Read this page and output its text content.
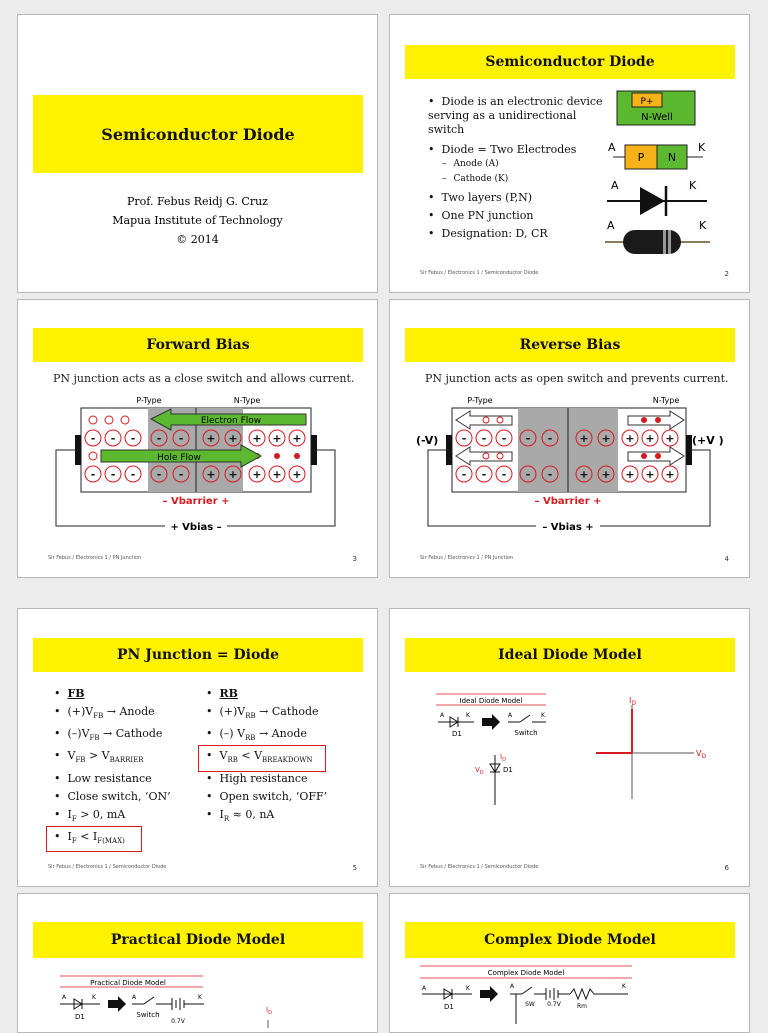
Semiconductor Diode
Prof. Febus Reidj G. Cruz
Mapua Institute of Technology
© 2014
Semiconductor Diode
• Diode is an electronic device serving as a unidirectional switch
• Diode = Two Electrodes
– Anode (A)
– Cathode (K)
• Two layers (P,N)
• One PN junction
• Designation: D, CR
P+
N-Well
A	K
P N
A	K
A	K
Sir Febus / Electronics 1 / Semiconductor Diode	2
Forward Bias
PN junction acts as a close switch and allows current.
P-Type	N-Type
- - - - -
- - - - -
+ + + + +
+ + + + +
Electron Flow
Hole Flow
– Vbarrier +
+ Vbias –
Sir Febus / Electronics 1 / PN Junction	3
Reverse Bias
PN junction acts as open switch and prevents current.
P-Type	N-Type
(-V)	(+V )
- - - - -
- - - - -
+ + + + +
+ + + + +
– Vbarrier +
– Vbias +
Sir Febus / Electronics 1 / PN Junction	4
PN Junction = Diode
• FB
• $(+)V_{FB}$ → Anode
• $(-)V_{FB}$ → Cathode
• $V_{FB} > V_{BARRIER}$
• Low resistance
• Close switch, ‘ON’
• $I_F > 0$, mA
• $I_F < I_{F(MAX)}$
• RB
• $(+)V_{RB}$ → Cathode
• (–) $V_{RB}$ → Anode
• $V_{RB} < V_{BREAKDOWN}$
• High resistance
• Open switch, ‘OFF’
• $I_R \approx 0$, nA
Sir Febus / Electronics 1 / Semiconductor Diode	5
Ideal Diode Model
Ideal Diode Model
A	K
D1
A	K
Switch
$I_D$
$V_D$	D1
$I_D$
$V_D$
Sir Febus / Electronics 1 / Semiconductor Diode	6
Practical Diode Model
Practical Diode Model
A	K
D1
A	K
Switch
0.7V
$I_D$
Complex Diode Model
Complex Diode Model
A	K
D1
A	K
SW 0.7V	Rm
